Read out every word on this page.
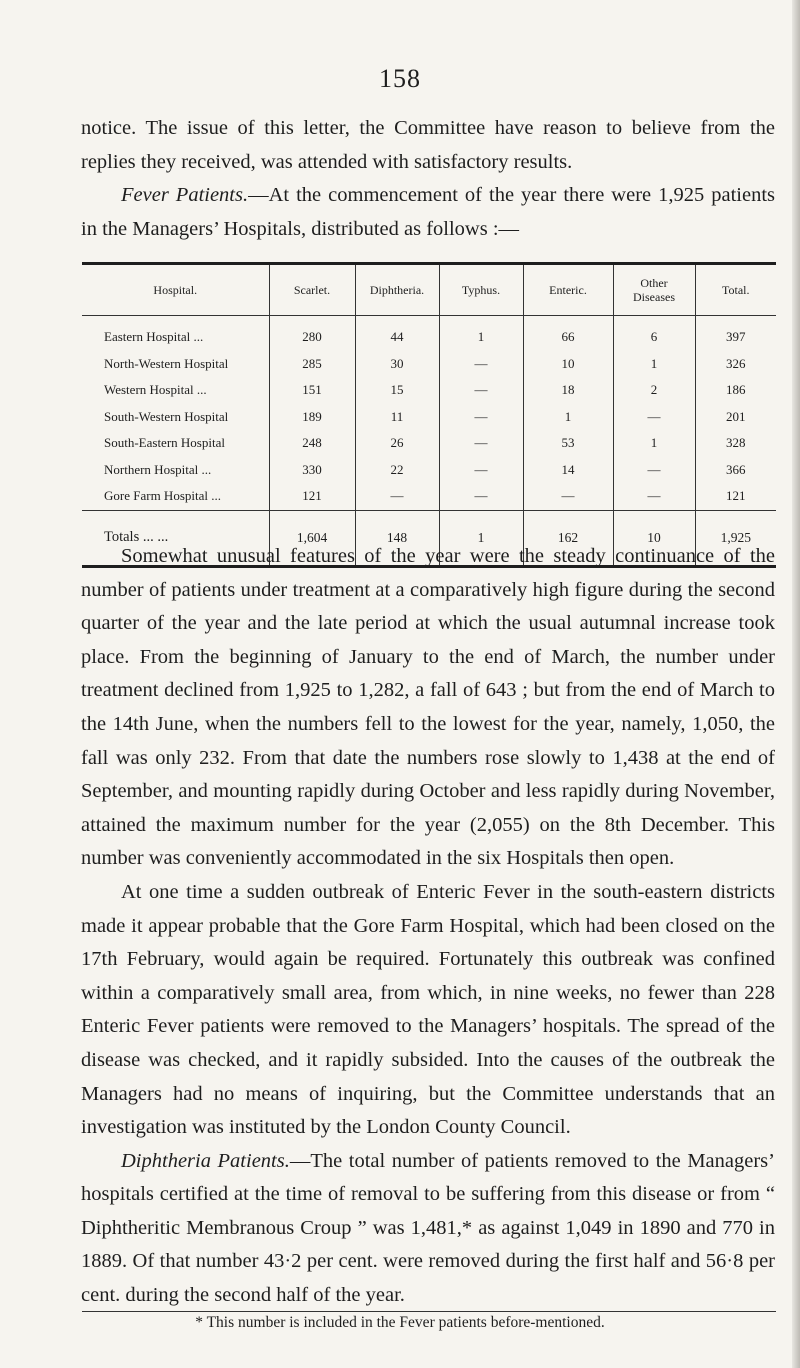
158

notice. The issue of this letter, the Committee have reason to believe from the replies they received, was attended with satisfactory results.

Fever Patients.—At the commencement of the year there were 1,925 patients in the Managers’ Hospitals, distributed as follows :—

Hospital.	Scarlet.	Diphtheria.	Typhus.	Enteric.	Other Diseases	Total.
Eastern Hospital ...	280	44	1	66	6	397
North-Western Hospital	285	30	—	10	1	326
Western Hospital ...	151	15	—	18	2	186
South-Western Hospital	189	11	—	1	—	201
South-Eastern Hospital	248	26	—	53	1	328
Northern Hospital ...	330	22	—	14	—	366
Gore Farm Hospital ...	121	—	—	—	—	121
Totals ... ...	1,604	148	1	162	10	1,925

Somewhat unusual features of the year were the steady continuance of the number of patients under treatment at a comparatively high figure during the second quarter of the year and the late period at which the usual autumnal increase took place. From the beginning of January to the end of March, the number under treatment declined from 1,925 to 1,282, a fall of 643 ; but from the end of March to the 14th June, when the numbers fell to the lowest for the year, namely, 1,050, the fall was only 232. From that date the numbers rose slowly to 1,438 at the end of September, and mounting rapidly during October and less rapidly during November, attained the maximum number for the year (2,055) on the 8th December. This number was conveniently accommodated in the six Hospitals then open.

At one time a sudden outbreak of Enteric Fever in the south-eastern districts made it appear probable that the Gore Farm Hospital, which had been closed on the 17th February, would again be required. Fortunately this outbreak was confined within a comparatively small area, from which, in nine weeks, no fewer than 228 Enteric Fever patients were removed to the Managers’ hospitals. The spread of the disease was checked, and it rapidly subsided. Into the causes of the outbreak the Managers had no means of inquiring, but the Committee understands that an investigation was instituted by the London County Council.

Diphtheria Patients.—The total number of patients removed to the Managers’ hospitals certified at the time of removal to be suffering from this disease or from “ Diphtheritic Membranous Croup ” was 1,481,* as against 1,049 in 1890 and 770 in 1889. Of that number 43·2 per cent. were removed during the first half and 56·8 per cent. during the second half of the year.

* This number is included in the Fever patients before-mentioned.
